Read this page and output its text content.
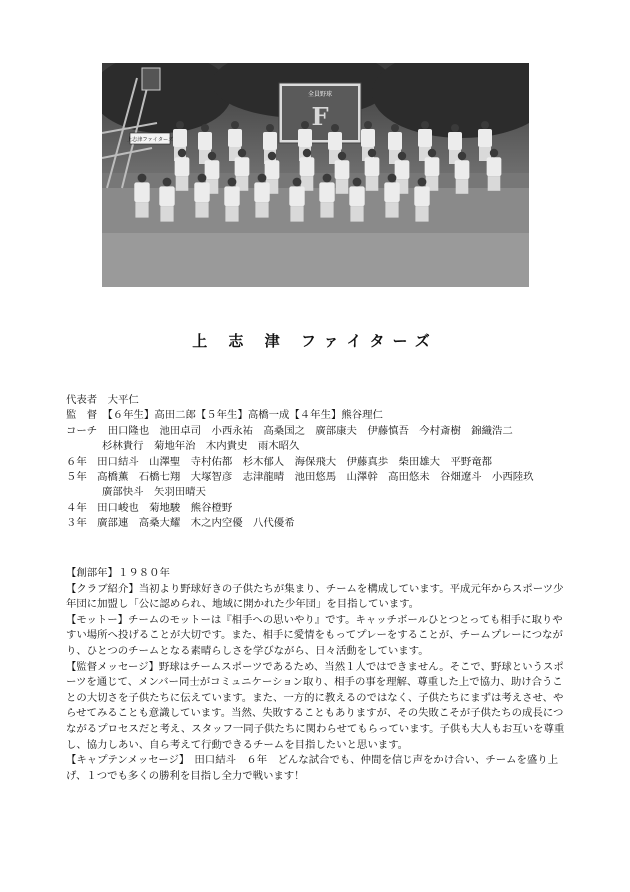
全員野球
F
上志津ファイターズ
上 志 津 ファイターズ
代表者　 大平仁
監　督　 【６年生】高田二郎【５年生】高橋一成【４年生】熊谷理仁
コーチ　 田口隆也　池田卓司　小西永祐　高桑国之　廣部康夫　伊藤慎吾　今村斎樹　錦織浩二
杉林貴行　菊地年治　木内貴史　雨木昭久
６年　 田口結斗　山澤聖　寺村佑都　杉木郁人　海保飛大　伊藤真歩　柴田雄大　平野竜都
５年　 高橋薫　石橋七翔　大塚智彦　志津龍晴　池田悠馬　山澤幹　高田悠未　谷畑遼斗　小西陸玖
廣部快斗　矢羽田晴天
４年　 田口峻也　菊地駿　熊谷橙野
３年　 廣部連　高桑大耀　木之内空優　八代優希

【創部年】１９８０年

【クラブ紹介】当初より野球好きの子供たちが集まり、チームを構成しています。平成元年からスポーツ少年団に加盟し「公に認められ、地域に開かれた少年団」を目指しています。

【モットー】チームのモットーは『相手への思いやり』です。キャッチボールひとつとっても相手に取りやすい場所へ投げることが大切です。また、相手に愛情をもってプレーをすることが、チームプレーにつながり、ひとつのチームとなる素晴らしさを学びながら、日々活動をしています。

【監督メッセージ】野球はチームスポーツであるため、当然１人ではできません。そこで、野球というスポーツを通じて、メンバー同士がコミュニケーション取り、相手の事を理解、尊重した上で協力、助け合うことの大切さを子供たちに伝えています。また、一方的に教えるのではなく、子供たちにまずは考えさせ、やらせてみることも意識しています。当然、失敗することもありますが、その失敗こそが子供たちの成長につながるプロセスだと考え、スタッフ一同子供たちに関わらせてもらっています。子供も大人もお互いを尊重し、協力しあい、自ら考えて行動できるチームを目指したいと思います。

【キャプテンメッセージ】　田口結斗　６年　どんな試合でも、仲間を信じ声をかけ合い、チームを盛り上げ、１つでも多くの勝利を目指し全力で戦います！
